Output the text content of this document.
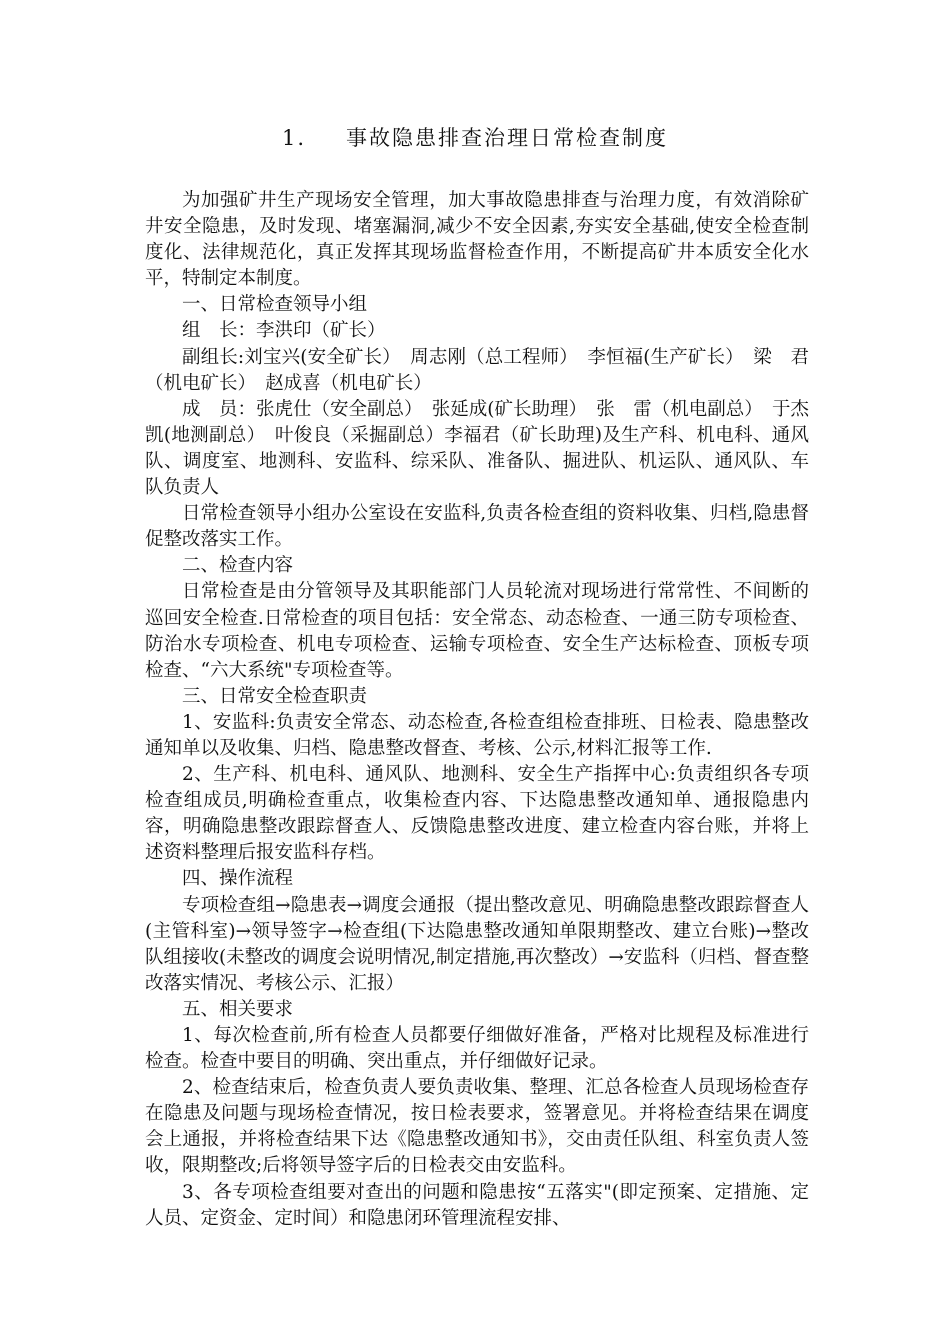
1. 事故隐患排查治理日常检查制度

为加强矿井生产现场安全管理，加大事故隐患排查与治理力度，有效消除矿井安全隐患，及时发现、堵塞漏洞,减少不安全因素,夯实安全基础,使安全检查制度化、法律规范化，真正发挥其现场监督检查作用，不断提高矿井本质安全化水平，特制定本制度。

一、日常检查领导小组

组　长：李洪印（矿长）

副组长:刘宝兴(安全矿长）　周志刚（总工程师）　李恒福(生产矿长）　梁　君（机电矿长）　赵成喜（机电矿长）

成　员：张虎仕（安全副总）　张延成(矿长助理）　张　雷（机电副总）　于杰凯(地测副总）　叶俊良（采掘副总）李福君（矿长助理)及生产科、机电科、通风队、调度室、地测科、安监科、综采队、准备队、掘进队、机运队、通风队、车队负责人

日常检查领导小组办公室设在安监科,负责各检查组的资料收集、归档,隐患督促整改落实工作。

二、检查内容

日常检查是由分管领导及其职能部门人员轮流对现场进行常常性、不间断的巡回安全检查.日常检查的项目包括：安全常态、动态检查、一通三防专项检查、防治水专项检查、机电专项检查、运输专项检查、安全生产达标检查、顶板专项检查、“六大系统"专项检查等。

三、日常安全检查职责

1、安监科:负责安全常态、动态检查,各检查组检查排班、日检表、隐患整改通知单以及收集、归档、隐患整改督查、考核、公示,材料汇报等工作.

2、生产科、机电科、通风队、地测科、安全生产指挥中心:负责组织各专项检查组成员,明确检查重点，收集检查内容、下达隐患整改通知单、通报隐患内容，明确隐患整改跟踪督查人、反馈隐患整改进度、建立检查内容台账，并将上述资料整理后报安监科存档。

四、操作流程

专项检查组→隐患表→调度会通报（提出整改意见、明确隐患整改跟踪督查人(主管科室)→领导签字→检查组(下达隐患整改通知单限期整改、建立台账)→整改队组接收(未整改的调度会说明情况,制定措施,再次整改）→安监科（归档、督查整改落实情况、考核公示、汇报）

五、相关要求

1、每次检查前,所有检查人员都要仔细做好准备，严格对比规程及标准进行检查。检查中要目的明确、突出重点，并仔细做好记录。

2、检查结束后，检查负责人要负责收集、整理、汇总各检查人员现场检查存在隐患及问题与现场检查情况，按日检表要求，签署意见。并将检查结果在调度会上通报，并将检查结果下达《隐患整改通知书》，交由责任队组、科室负责人签收，限期整改;后将领导签字后的日检表交由安监科。

3、各专项检查组要对查出的问题和隐患按“五落实"(即定预案、定措施、定人员、定资金、定时间）和隐患闭环管理流程安排、
